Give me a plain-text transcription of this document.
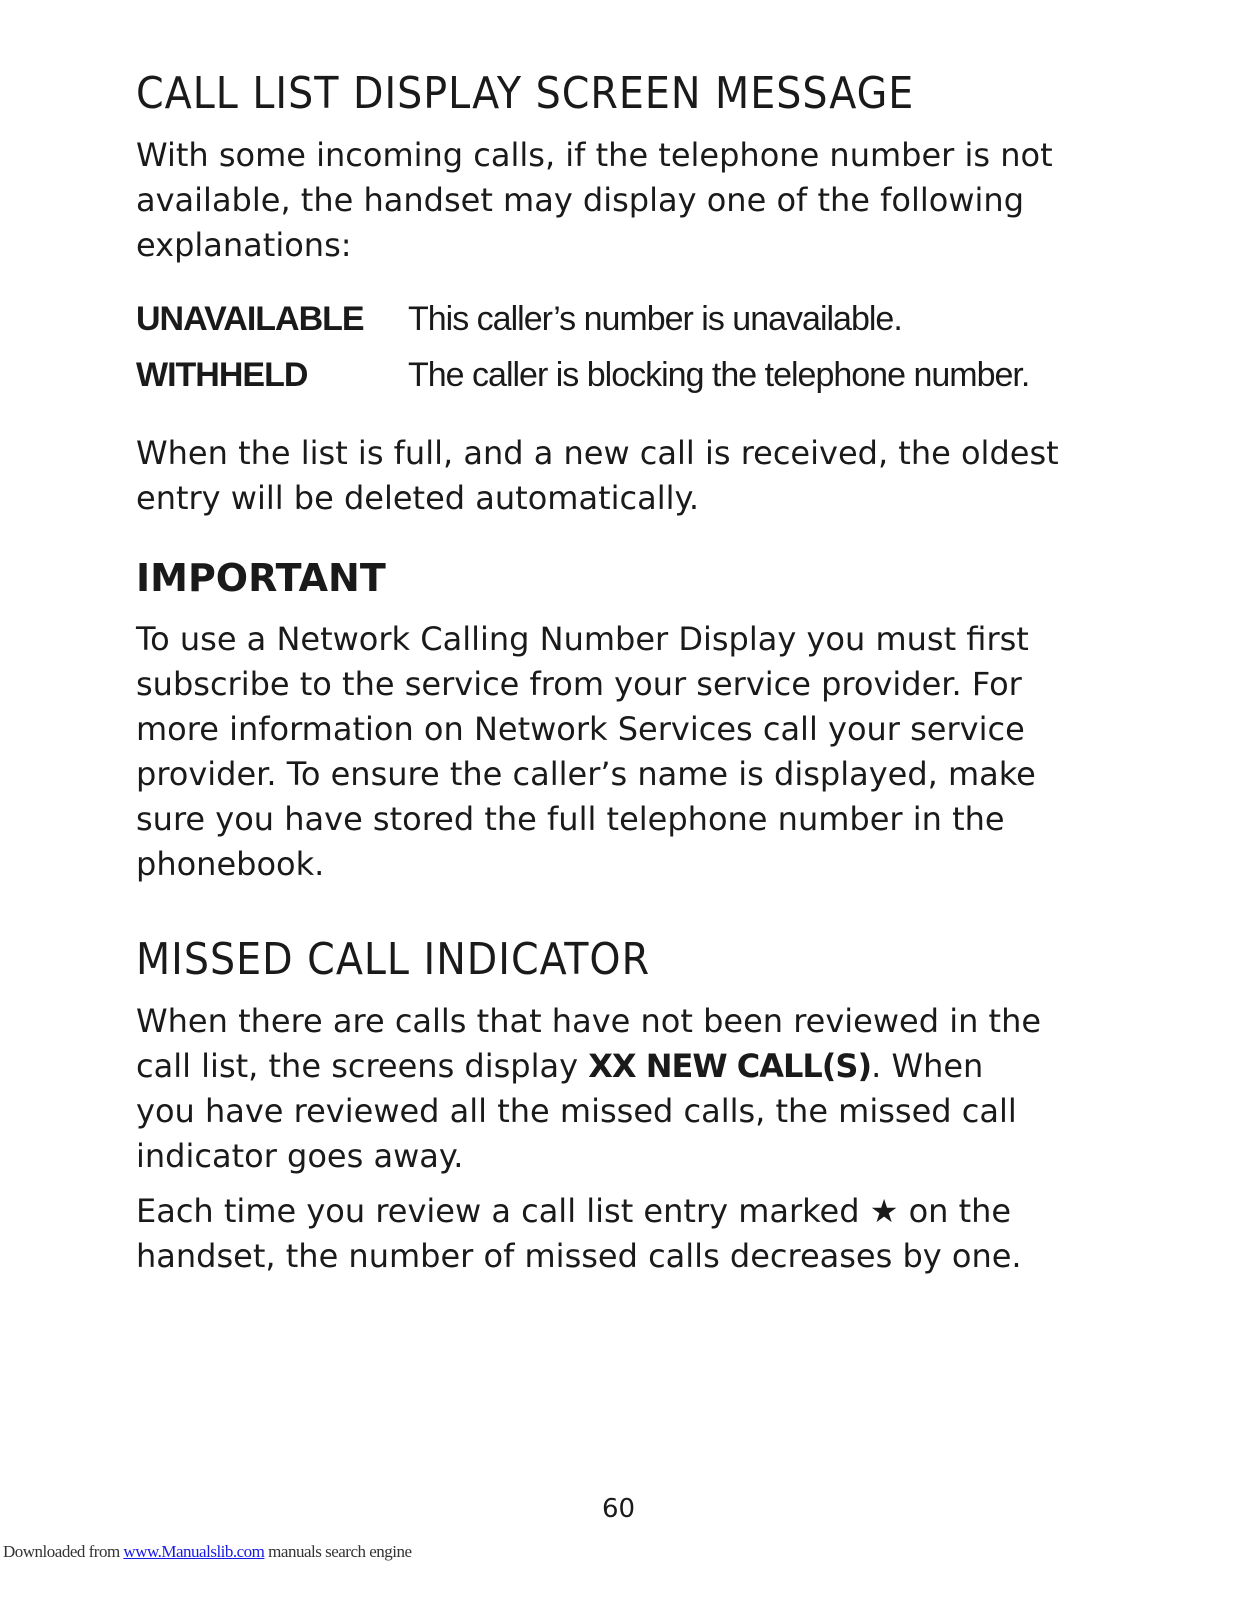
CALL LIST DISPLAY SCREEN MESSAGE

With some incoming calls, if the telephone number is not
available, the handset may display one of the following
explanations:

UNAVAILABLE This caller’s number is unavailable.
WITHHELD	The caller is blocking the telephone number.

When the list is full, and a new call is received, the oldest
entry will be deleted automatically.

IMPORTANT

To use a Network Calling Number Display you must first
subscribe to the service from your service provider. For
more information on Network Services call your service
provider. To ensure the caller’s name is displayed, make
sure you have stored the full telephone number in the
phonebook.

MISSED CALL INDICATOR

When there are calls that have not been reviewed in the
call list, the screens display XX NEW CALL(S). When
you have reviewed all the missed calls, the missed call
indicator goes away.

Each time you review a call list entry marked ★ on the
handset, the number of missed calls decreases by one.

60
Downloaded from www.Manualslib.com manuals search engine
